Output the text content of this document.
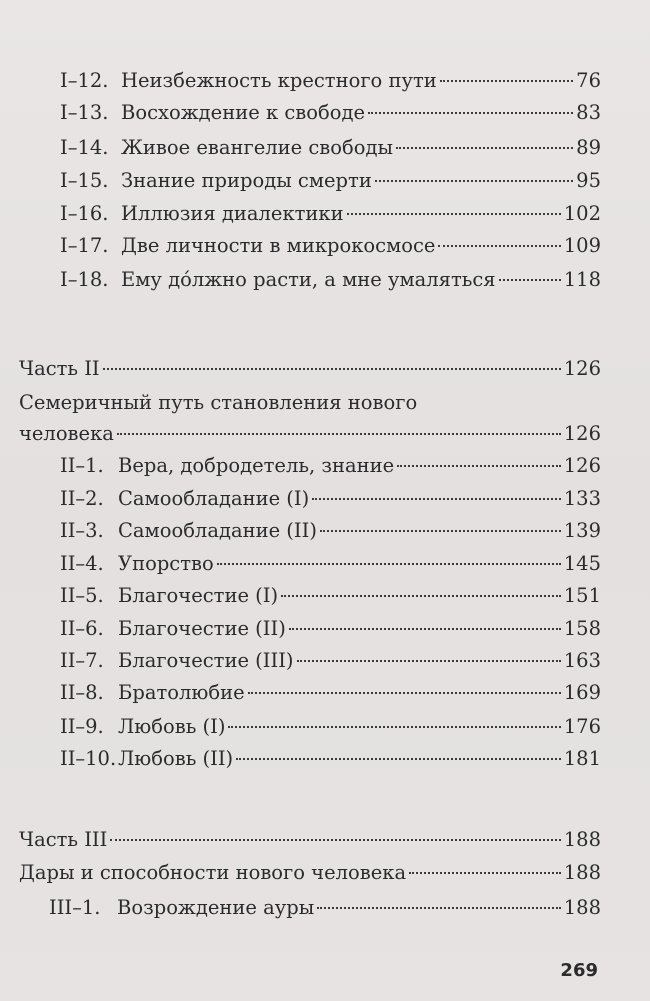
I–12. Неизбежность крестного пути	76
I–13. Восхождение к свободе	83
I–14. Живое евангелие свободы	89
I–15. Знание природы смерти	95
I–16. Иллюзия диалектики	102
I–17. Две личности в микрокосмосе	109
I–18. Ему до́лжно расти, а мне умаляться	118
Часть II	126
Семеричный путь становления нового
человека	126
II–1. Вера, добродетель, знание	126
II–2. Самообладание (I)	133
II–3. Самообладание (II)	139
II–4. Упорство	145
II–5. Благочестие (I)	151
II–6. Благочестие (II)	158
II–7. Благочестие (III)	163
II–8. Братолюбие	169
II–9. Любовь (I)	176
II–10. Любовь (II)	181
Часть III	188
Дары и способности нового человека	188
III–1. Возрождение ауры	188
269
